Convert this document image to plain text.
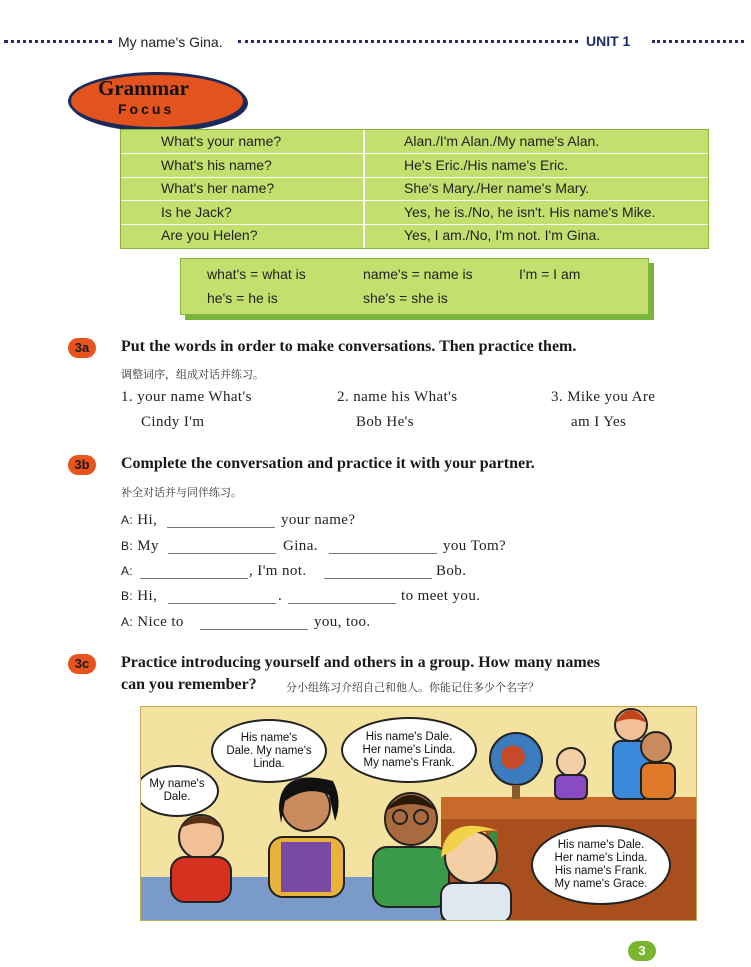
My name's Gina.	UNIT 1
Grammar
Focus
What's your name?	Alan./I'm Alan./My name's Alan.
What's his name?	He's Eric./His name's Eric.
What's her name?	She's Mary./Her name's Mary.
Is he Jack?	Yes, he is./No, he isn't. His name's Mike.
Are you Helen?	Yes, I am./No, I'm not. I'm Gina.
what's = what is	name's = name is	I'm = I am
he's = he is	she's = she is
3a	Put the words in order to make conversations. Then practice them.
调整词序，组成对话并练习。
1. your name What's
Cindy I'm
2. name his What's
Bob He's
3. Mike you Are
am I Yes
3b	Complete the conversation and practice it with your partner.
补全对话并与同伴练习。
A: Hi,	your name?
B: My	Gina.	you Tom?
A:	, I'm not.	Bob.
B: Hi,	.	to meet you.
A: Nice to	you, too.
3c	Practice introducing yourself and others in a group. How many names
can you remember?	分小组练习介绍自己和他人。你能记住多少个名字？
My name's
Dale.
His name's
Dale. My name's
Linda.
His name's Dale.
Her name's Linda.
My name's Frank.
His name's Dale.
Her name's Linda.
His name's Frank.
My name's Grace.
3
